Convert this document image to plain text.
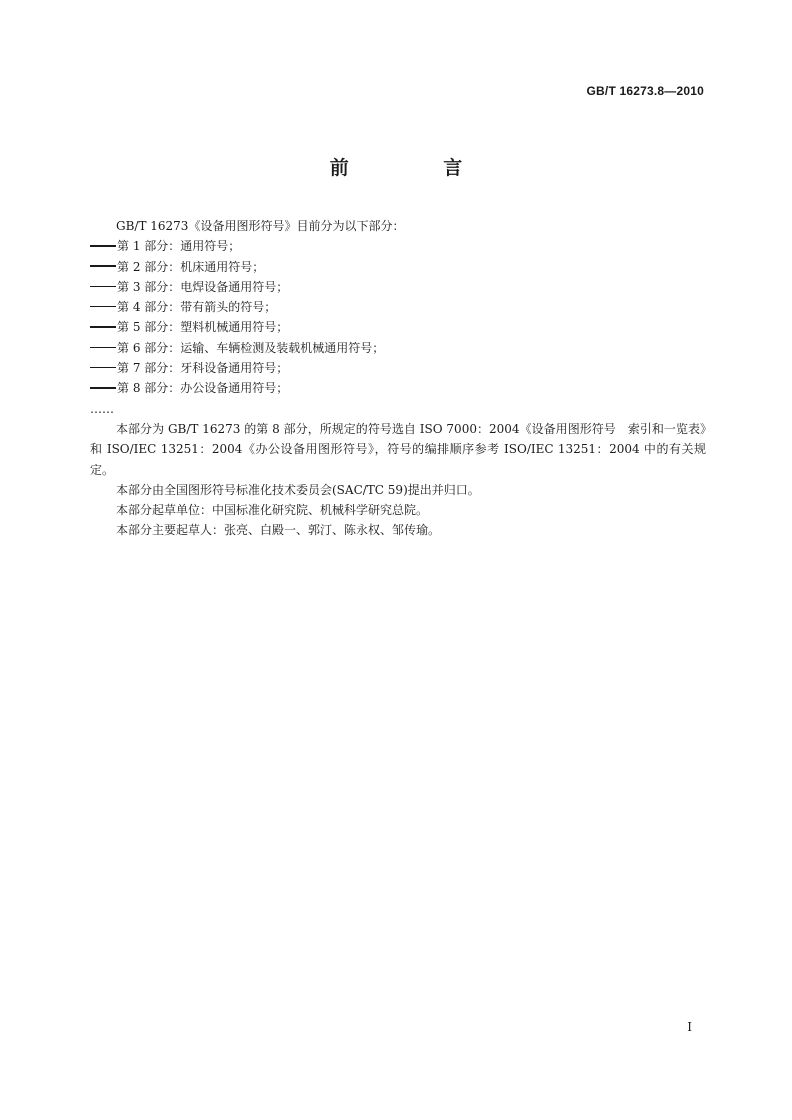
GB/T 16273.8—2010
前 言

GB/T 16273《设备用图形符号》目前分为以下部分：

第 1 部分：通用符号；

第 2 部分：机床通用符号；

第 3 部分：电焊设备通用符号；

第 4 部分：带有箭头的符号；

第 5 部分：塑料机械通用符号；

第 6 部分：运输、车辆检测及装载机械通用符号；

第 7 部分：牙科设备通用符号；

第 8 部分：办公设备通用符号；

……

本部分为 GB/T 16273 的第 8 部分，所规定的符号选自 ISO 7000：2004《设备用图形符号　索引和一览表》和 ISO/IEC 13251：2004《办公设备用图形符号》，符号的编排顺序参考 ISO/IEC 13251：2004 中的有关规定。

本部分由全国图形符号标准化技术委员会(SAC/TC 59)提出并归口。

本部分起草单位：中国标准化研究院、机械科学研究总院。

本部分主要起草人：张亮、白殿一、郭汀、陈永权、邹传瑜。

I
